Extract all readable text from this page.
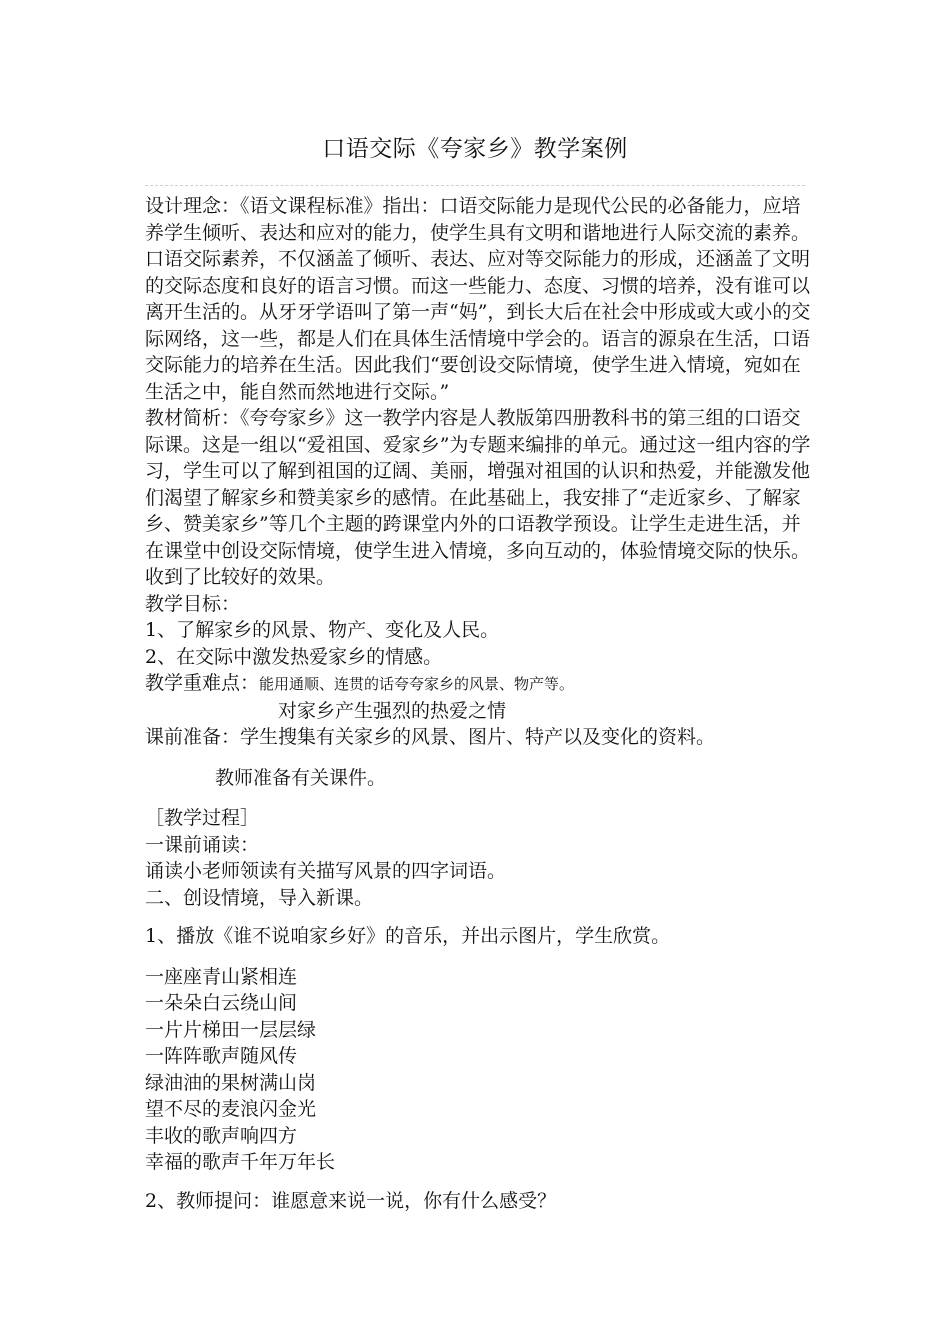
口语交际《夸家乡》教学案例

设计理念：《语文课程标准》指出：口语交际能力是现代公民的必备能力，应培养学生倾听、表达和应对的能力，使学生具有文明和谐地进行人际交流的素养。口语交际素养，不仅涵盖了倾听、表达、应对等交际能力的形成，还涵盖了文明的交际态度和良好的语言习惯。而这一些能力、态度、习惯的培养，没有谁可以离开生活的。从牙牙学语叫了第一声“妈”，到长大后在社会中形成或大或小的交际网络，这一些，都是人们在具体生活情境中学会的。语言的源泉在生活，口语交际能力的培养在生活。因此我们“要创设交际情境，使学生进入情境，宛如在生活之中，能自然而然地进行交际。”

教材简析：《夸夸家乡》这一教学内容是人教版第四册教科书的第三组的口语交际课。这是一组以“爱祖国、爱家乡”为专题来编排的单元。通过这一组内容的学习，学生可以了解到祖国的辽阔、美丽，增强对祖国的认识和热爱，并能激发他们渴望了解家乡和赞美家乡的感情。在此基础上，我安排了“走近家乡、了解家乡、赞美家乡”等几个主题的跨课堂内外的口语教学预设。让学生走进生活，并在课堂中创设交际情境，使学生进入情境，多向互动的，体验情境交际的快乐。收到了比较好的效果。

教学目标：

1、了解家乡的风景、物产、变化及人民。

2、在交际中激发热爱家乡的情感。

教学重难点：能用通顺、连贯的话夸夸家乡的风景、物产等。

对家乡产生强烈的热爱之情

课前准备：学生搜集有关家乡的风景、图片、特产以及变化的资料。

教师准备有关课件。

［教学过程］

一课前诵读：

诵读小老师领读有关描写风景的四字词语。

二、创设情境，导入新课。

1、播放《谁不说咱家乡好》的音乐，并出示图片，学生欣赏。

一座座青山紧相连

一朵朵白云绕山间

一片片梯田一层层绿

一阵阵歌声随风传

绿油油的果树满山岗

望不尽的麦浪闪金光

丰收的歌声响四方

幸福的歌声千年万年长

2、教师提问：谁愿意来说一说，你有什么感受？
